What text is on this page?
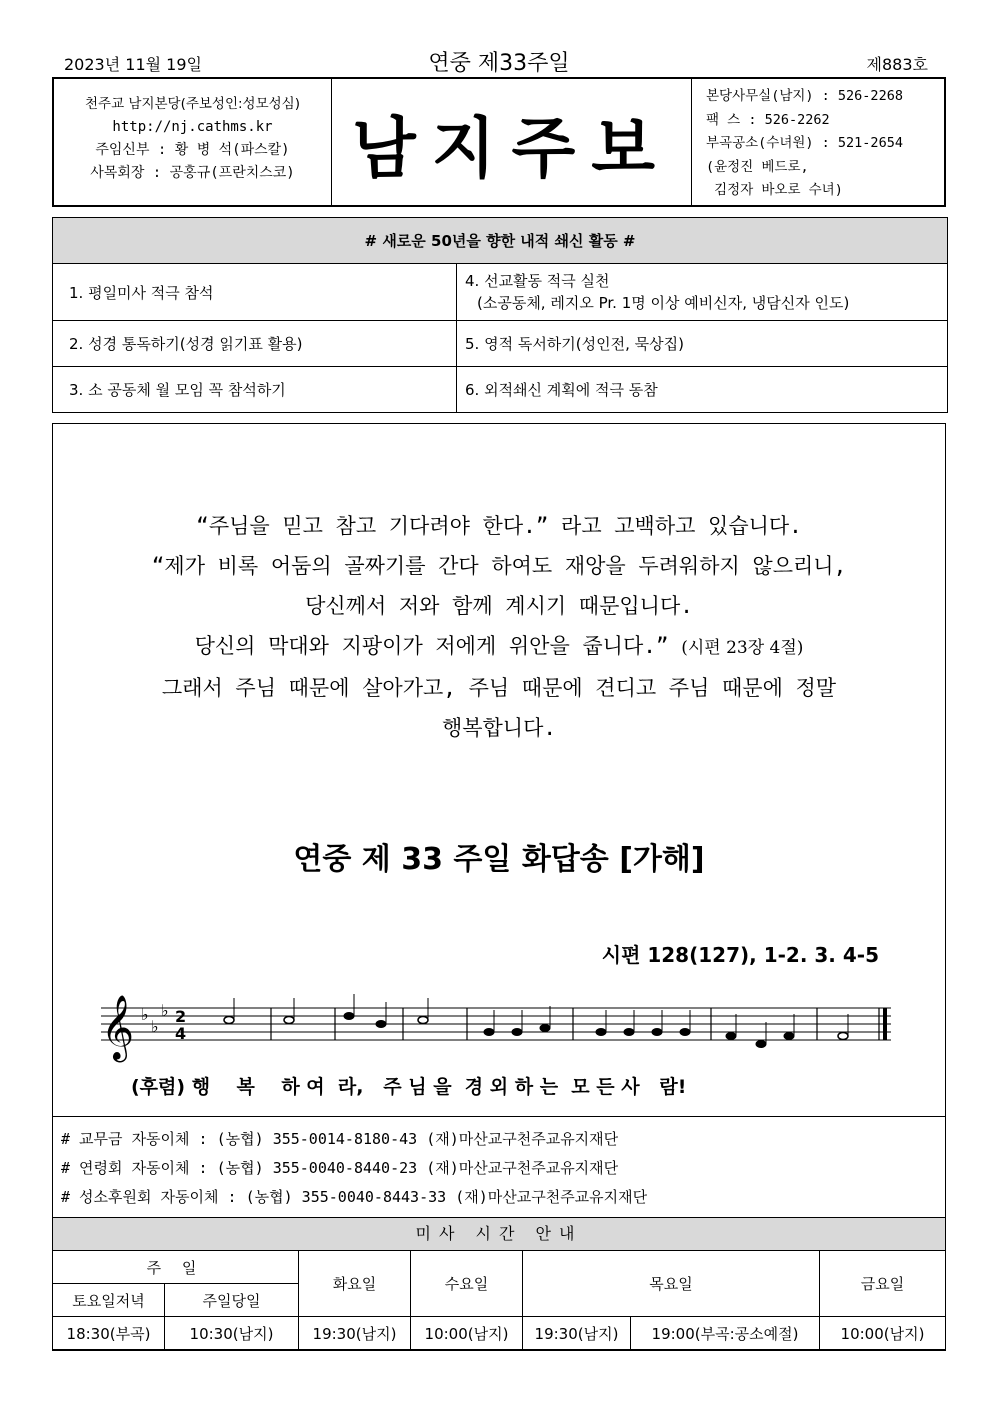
2023년 11월 19일	연중 제33주일	제883호
천주교 남지본당(주보성인:성모성심)
http://nj.cathms.kr
주임신부 : 황 병 석(파스칼)
사목회장 : 공홍규(프란치스코) 남지주보
본당사무실(남지) : 526-2268
팩 스 : 526-2262
부곡공소(수녀원) : 521-2654
(윤정진 베드로,
김정자 바오로 수녀)
# 새로운 50년을 향한 내적 쇄신 활동 #	
1. 평일미사 적극 참석	4. 선교활동 적극 실천
(소공동체, 레지오 Pr. 1명 이상 예비신자, 냉담신자 인도)

2. 성경 통독하기(성경 읽기표 활용)	5. 영적 독서하기(성인전, 묵상집)
3. 소 공동체 월 모임 꼭 참석하기	6. 외적쇄신 계획에 적극 동참
“주님을 믿고 참고 기다려야 한다.” 라고 고백하고 있습니다.
“제가 비록 어둠의 골짜기를 간다 하여도 재앙을 두려워하지 않으리니,
당신께서 저와 함께 계시기 때문입니다.
당신의 막대와 지팡이가 저에게 위안을 줍니다.” (시편 23장 4절)
그래서 주님 때문에 살아가고, 주님 때문에 견디고 주님 때문에 정말
행복합니다.
연중 제 33 주일 화답송 [가해]
시편 128(127), 1-2. 3. 4-5
𝄞 ♭
♭
♭ 2
4
(후렴) 행    복    하 여  라,   주 님 을  경 외 하 는  모 든 사   람!
# 교무금 자동이체 : (농협) 355-0014-8180-43 (재)마산교구천주교유지재단
# 연령회 자동이체 : (농협) 355-0040-8440-23 (재)마산교구천주교유지재단
# 성소후원회 자동이체 : (농협) 355-0040-8443-33 (재)마산교구천주교유지재단
미사 시간 안내
주 일		화요일	수요일	목요일		금요일
토요일저녁	주일당일					
18:30(부곡)	10:30(남지)	19:30(남지)	10:00(남지)	19:30(남지)	19:00(부곡:공소예절)	10:00(남지)
